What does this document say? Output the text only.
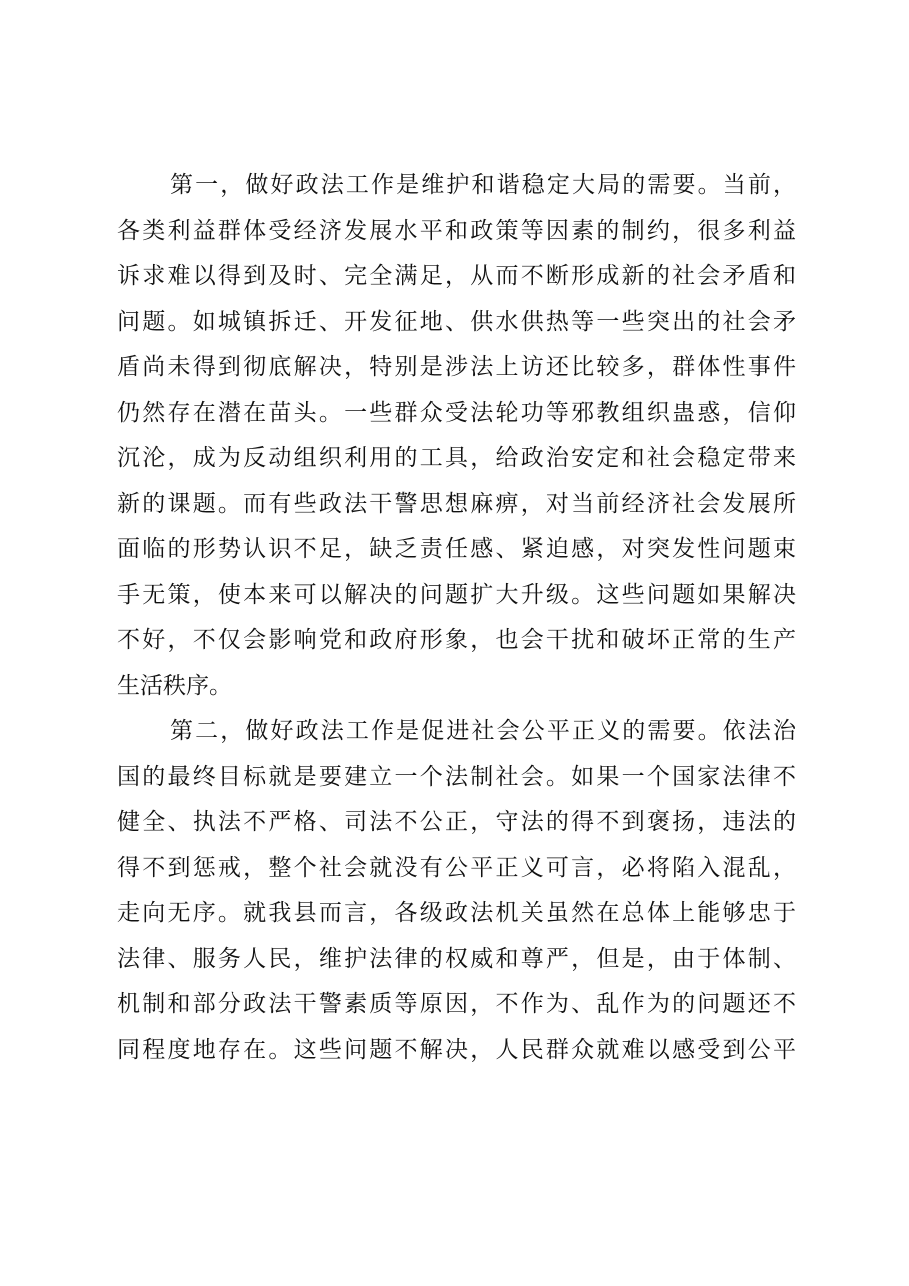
第一，做好政法工作是维护和谐稳定大局的需要。当前，
各类利益群体受经济发展水平和政策等因素的制约，很多利益
诉求难以得到及时、完全满足，从而不断形成新的社会矛盾和
问题。如城镇拆迁、开发征地、供水供热等一些突出的社会矛
盾尚未得到彻底解决，特别是涉法上访还比较多，群体性事件
仍然存在潜在苗头。一些群众受法轮功等邪教组织蛊惑，信仰
沉沦，成为反动组织利用的工具，给政治安定和社会稳定带来
新的课题。而有些政法干警思想麻痹，对当前经济社会发展所
面临的形势认识不足，缺乏责任感、紧迫感，对突发性问题束
手无策，使本来可以解决的问题扩大升级。这些问题如果解决
不好，不仅会影响党和政府形象，也会干扰和破坏正常的生产
生活秩序。
第二，做好政法工作是促进社会公平正义的需要。依法治
国的最终目标就是要建立一个法制社会。如果一个国家法律不
健全、执法不严格、司法不公正，守法的得不到褒扬，违法的
得不到惩戒，整个社会就没有公平正义可言，必将陷入混乱，
走向无序。就我县而言，各级政法机关虽然在总体上能够忠于
法律、服务人民，维护法律的权威和尊严，但是，由于体制、
机制和部分政法干警素质等原因，不作为、乱作为的问题还不
同程度地存在。这些问题不解决，人民群众就难以感受到公平
